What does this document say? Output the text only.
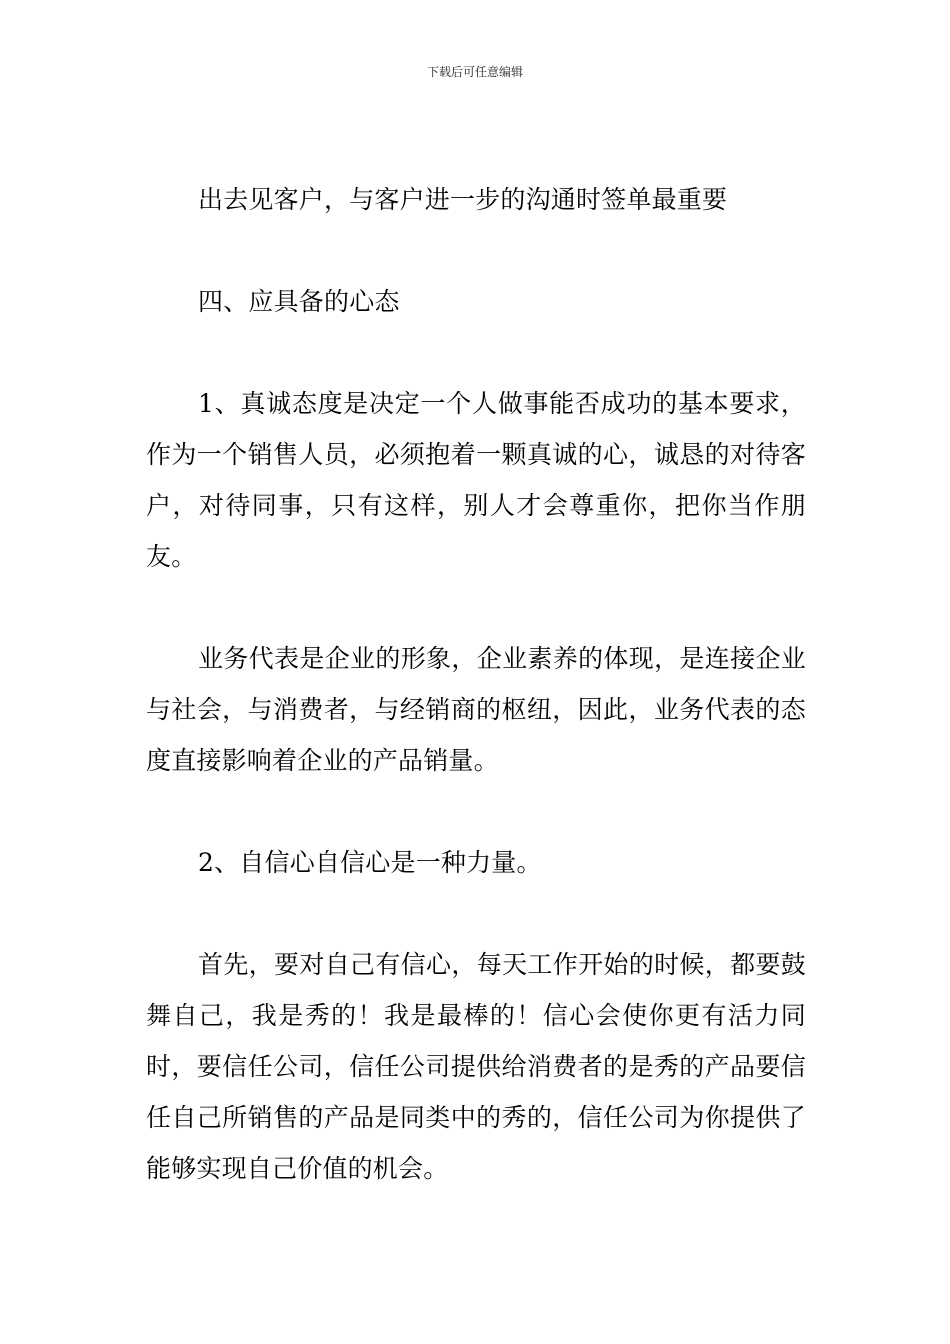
下载后可任意编辑

出去见客户，与客户进一步的沟通时签单最重要

四、应具备的心态

1、真诚态度是决定一个人做事能否成功的基本要求，作为一个销售人员，必须抱着一颗真诚的心，诚恳的对待客户，对待同事，只有这样，别人才会尊重你，把你当作朋友。

业务代表是企业的形象，企业素养的体现，是连接企业与社会，与消费者，与经销商的枢纽，因此，业务代表的态度直接影响着企业的产品销量。

2、自信心自信心是一种力量。

首先，要对自己有信心，每天工作开始的时候，都要鼓舞自己，我是秀的！我是最棒的！信心会使你更有活力同时，要信任公司，信任公司提供给消费者的是秀的产品要信任自己所销售的产品是同类中的秀的，信任公司为你提供了能够实现自己价值的机会。
